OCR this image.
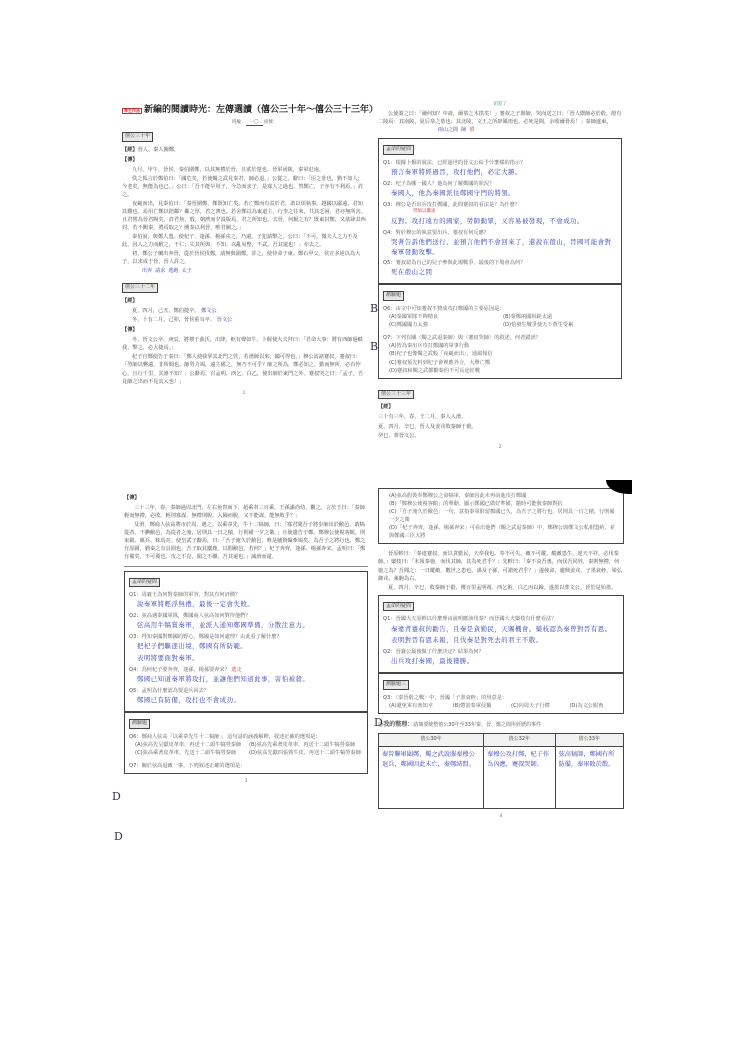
學生作品 新編的閱讀時光：左傳選讀（僖公三十年～僖公三十三年）
班級： 一〇 座號：
僖公三十年
【經】晉人、秦人圍鄭。
【傳】

九月，甲午，晉侯、秦伯圍鄭，以其無禮於晉，且貳於楚也。晉軍函陵，秦軍氾南。

佚之狐言於鄭伯曰：「國危矣，若使燭之武見秦君，師必退。」公從之。辭曰：「臣之壯也，猶不如人；今老矣，無能為也已。」公曰：「吾不能早用子，今急而求子，是寡人之過也。然鄭亡，子亦有不利焉。」許之。

夜縋而出，見秦伯曰：「秦晉圍鄭，鄭既知亡矣。若亡鄭而有益於君，敢以煩執事。越國以鄙遠，君知其難也。焉用亡鄭以陪鄰？鄰之厚，君之薄也。若舍鄭以為東道主，行李之往來，共其乏困，君亦無所害。且君嘗為晉君賜矣，許君焦、瑕，朝濟而夕設版焉，君之所知也。夫晉，何厭之有？既東封鄭，又欲肆其西封，若不闕秦，將焉取之？闕秦以利晉，唯君圖之。」

秦伯說，與鄭人盟。使杞子、逢孫、楊孫戍之，乃還。子犯請擊之，公曰：「不可。微夫人之力不及此。因人之力而敝之，不仁；失其所與，不知；以亂易整，不武。吾其還也！」亦去之。

初，鄭公子蘭出奔晉，從於晉侯伐鄭，請無與圍鄭。許之，使待命于東。鄭石甲父、侯宣多逆以為大子，以求成于晉，晉人許之。

出奔 請求 逃跑 太子
僖公三十二年
【經】

夏，四月，己丑，鄭伯捷卒。 鄭文公

冬，十有二月，己卯，晉侯重耳卒。 晉文公

【傳】

冬，晉文公卒。庚辰，將殯于曲沃，出絳，柩有聲如牛。卜偃使大夫拜曰：「君命大事：將有西師過軼我，擊之，必大捷焉。」

杞子自鄭使告于秦曰：「鄭人使我掌其北門之管，若潛師以來，國可得也。」穆公訪諸蹇叔，蹇叔曰：「勞師以襲遠，非所聞也。師勞力竭，遠主備之，無乃不可乎？師之所為，鄭必知之，勤而無所，必有悖心。且行千里，其誰不知？」公辭焉。召孟明、西乞、白乙，使出師於東門之外。蹇叔哭之曰：「孟子，吾見師之出而不見其入也！」

1
伯怒了

公使謂之曰：「爾何知？中壽，爾墓之木拱矣！」蹇叔之子與師，哭而送之曰：「晉人禦師必於殽。殽有二陵焉：其南陵，夏后皋之墓也；其北陵，文王之所辟風雨也。必死是間，余收爾骨焉！」秦師遂東。

兩山之間 險 墳
孟命的疑問
Q1：根據卜偃的說法，已經過世的晉文公給予什麼樣的指示？
預言秦軍將經過晉，攻打他們，必定大勝。
Q2：杞子為哪一國人？他為何了解鄭國的狀況？
秦國人，他為秦國派往鄭國守門的將領。
Q3：穆公是否出兵攻打鄭國，此問蹇叔的看法是？為什麼？
勞師以襲遠
反對。攻打遠方的國家，勞師動眾，又容易被發現，不會成功。
Q4：對於穆公的執意要出兵，蹇叔有何反應？
哭著告訴他們送行，並預言他們不會回來了，還說在殽山，晉國可能會對秦軍發動攻擊。
Q5：蹇叔認為自己的兒子參與此場戰爭，最後的下場會為何？
死在殽山之間
測驗題
Q6：由文中可知蹇叔不贊成攻打鄭國的主要原因是：
(A)秦國軍隊不夠精良	(B)秦鄭兩國相距太遠
(C)鄭國國力太強	(D)怕發生戰爭使天下蒼生受累
Q7：下列有關〈燭之武退秦師〉與〈蹇叔哭師〉的敘述，何者錯誤？
(A)皆為秦出兵攻打鄭國的軍事行動
(B)杞子也像燭之武般「夜縋而出」，通風報信
(C)蹇叔預先料到杞子會裡應外合，大舉亡鄭
(D)蹇叔和燭之武都勸秦伯不可長途征戰
僖公三十三年
【經】

三十有三年，春，王二月，秦人入滑。

夏，四月，辛巳，晉人及姜戎敗秦師于殽。

癸巳，葬晉文公。

2
【傳】

三十三年，春，秦師過周北門，左右免冑而下，超乘者三百乘。王孫滿尚幼，觀之，言於王曰：「秦師輕而無禮，必敗。輕則寡謀，無禮則脫。入險而脫，又不能謀，能無敗乎？」

及滑，鄭商人弦高將市於周，遇之。以乘韋先，牛十二犒師，曰：「寡君聞吾子將步師出於敝邑，敢犒從者。不腆敝邑，為從者之淹，居則具一日之積，行則備一夕之衛。」且使遽告于鄭。鄭穆公使視客館，則束載、厲兵、秣馬矣。使皇武子辭焉，曰：「吾子淹久於敝邑，唯是脯資餼牽竭矣，為吾子之將行也，鄭之有原圃，猶秦之有具囿也，吾子取其麋鹿，以閒敝邑，若何？」杞子奔齊，逢孫、楊孫奔宋。孟明曰：「鄭有備矣，不可冀也。攻之不克，圍之不繼，吾其還也。」滅滑而還。

孟命的疑問
Q1：周襄王為何對秦師的軍容，對其有何評價？
說秦軍將輕浮無禮，最後一定會失敗。
Q2：弦高遇秦國軍隊，鄭國商人弦高如何對待他們？
弦高用牛犒賞秦軍，並派人通知鄭國準備，分散注意力。
Q3：得知秦國對鄭國的野心，鄭國是如何處理？由此看了解什麼？
把杞子們驅逐出境，鄭國有所防範。
表明將要面對秦軍。
Q4：為何杞子要奔齊，逢孫、楊孫要奔宋？ 逃走
鄭國已知道秦軍將攻打，並讓他們知道此事，害怕被殺。
Q5：孟明為什麼認為要退兵回去？
鄭國已有防備，攻打也不會成功。
測驗題
Q6：鄭商人弦高「以乘韋先牛十二犒師」，這句話的涵義解釋，敘述正確的選項是：
(A)弦高先呈獻皮革車，再送十二頭牛犒勞秦師	(B)弦高先乘著皮革車，再送十二頭牛犒勞秦師
(C)弦高乘著皮革車，先送十二頭牛犒勞秦師	(D)弦高先獻四張熟牛皮，再送十二頭牛犒勞秦師
Q7：關於弦高退敵一事，下列敘述正確的選項是：
3
(A)弦高假裝奉鄭穆公之命犒軍，秦師因此未再前進攻打鄭國
(B)「鄭穆公使視客館」的舉動，顯示鄭國已做好準備，隨時可能與秦師對抗
(C)「吾子淹久於敝邑」一句，意指秦軍駐留鄭國已久，為吾子之將行也，居則具一日之積，行則備一夕之衛
(D)「杞子奔齊，逢孫、楊孫奔宋」可看出他們（燭之武退秦師）中，鄭穆公與鄭文公私相盟約，並與鄭國三臣大將

晉原軫曰：「秦違蹇叔，而以貪勤民，天奉我也。奉不可失，敵不可縱。縱敵患生，違天不祥。必伐秦師。」欒枝曰：「未報秦施，而伐其師，其為死君乎？」先軫曰：「秦不哀吾喪，而伐吾同姓，秦則無禮，何施之為？吾聞之：一日縱敵，數世之患也。謀及子孫，可謂死君乎？」遂發命，遽興姜戎。子墨衰絰，梁弘御戎，萊駒為右。

夏，四月，辛巳，敗秦師于殽，獲百里孟明視、西乞術、白乙丙以歸。遂墨以葬文公。晉於是始墨。

孟命的疑問
Q1：晉國大夫原軫以什麼理由說明應該伐秦？而晉國大夫欒枝有什麼看法？
秦違背蹇叔的勸告，且秦是貪勤民，天賜機會。欒枝認為秦曾對晉有恩。
表明對晉有恩未報，且伐秦是對死去的君王不敬。
Q2：晉襄公最後做了什麼決定？結果為何？
出兵攻打秦國，最後獲勝。
測驗題三
Q3：〈秦晉殽之戰〉中，晉國「子墨衰絰」的用意是：
(A)避免軍有喪知卒	(B)懲罰秦軍侵擾	(C)向周天子行禮	(D)為文公服喪
◎我的整理：請簡要統整僖公30年至33年秦、晉、鄭之間所經歷的事件
僖公30年	僖公32年	僖公33年
秦晉聯軍圍鄭，燭之武說服秦穆公退兵，鄭國因此未亡，秦鄭結盟。	秦穆公攻打鄭，杞子作為內應，蹇叔哭師。	弦高犒師，鄭國有所防備，秦軍敗於殽。
4
B
B
D
D
D
